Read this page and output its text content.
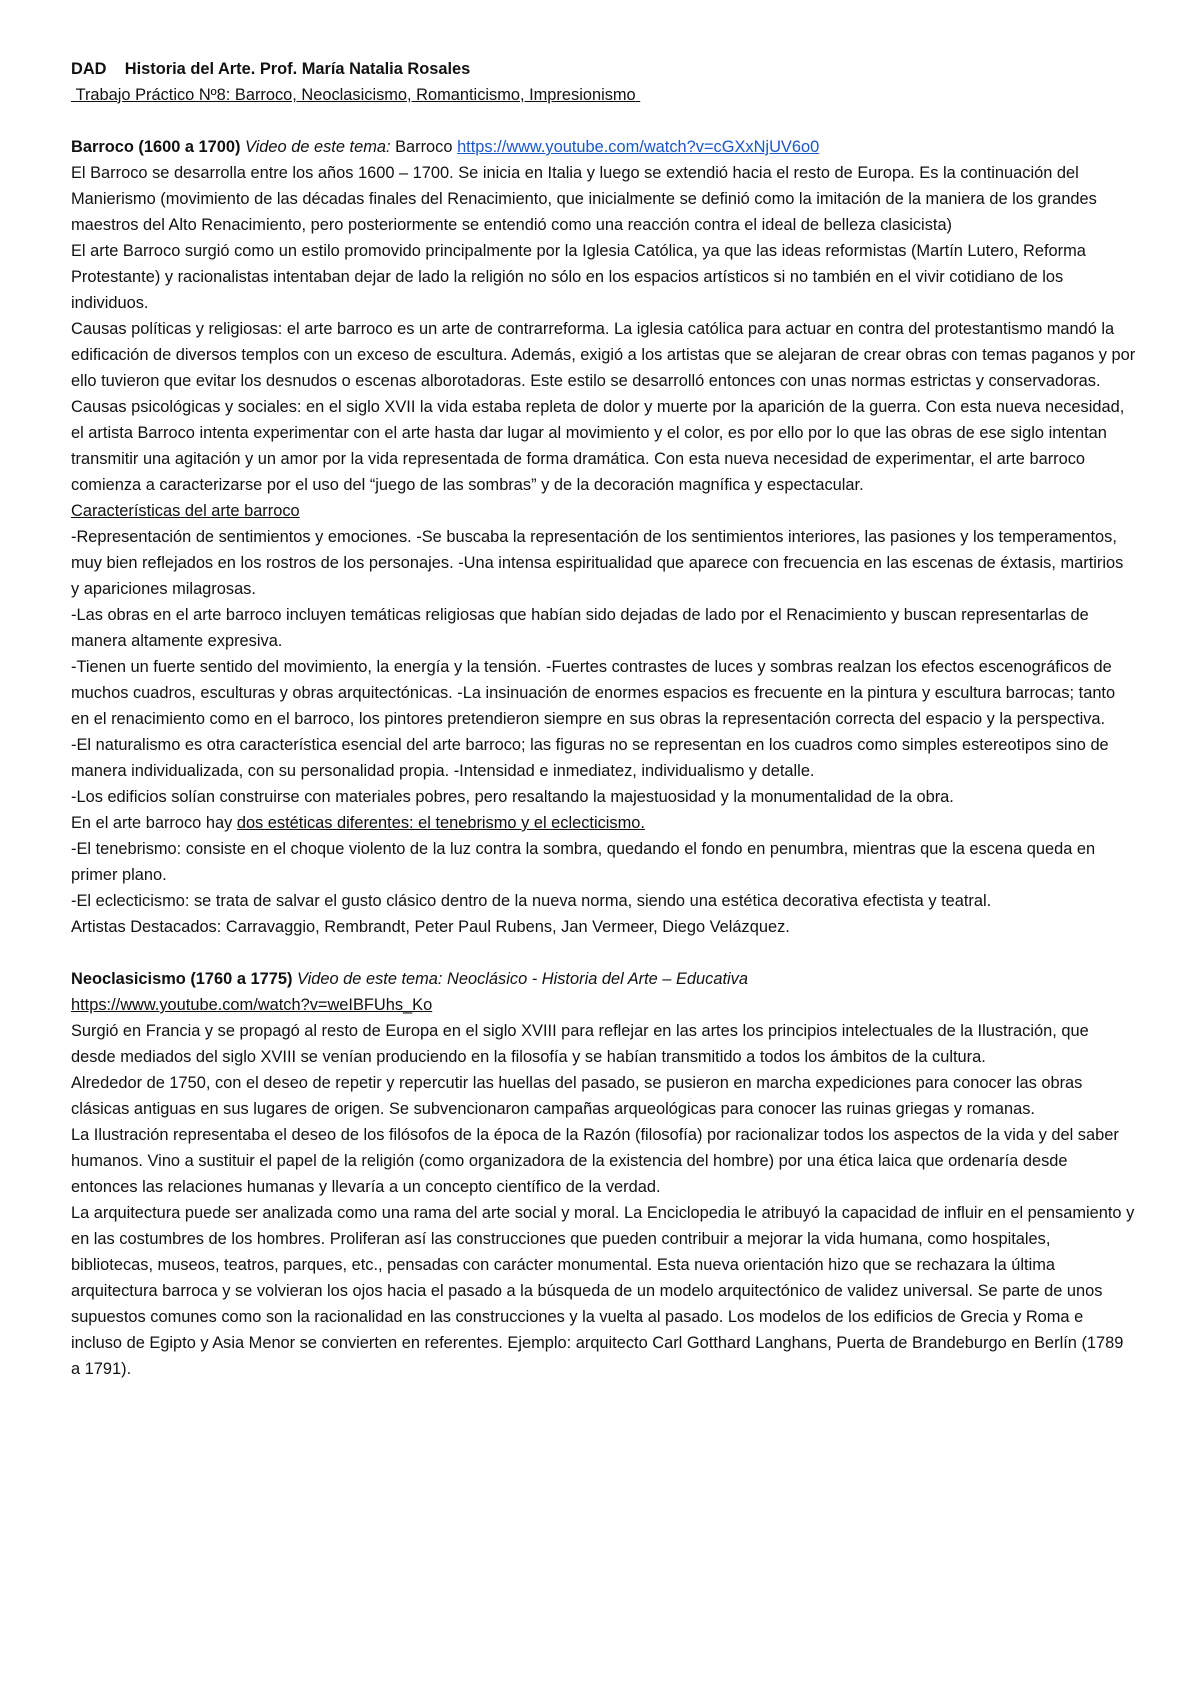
DAD Historia del Arte. Prof. María Natalia Rosales

Trabajo Práctico Nº8: Barroco, Neoclasicismo, Romanticismo, Impresionismo

Barroco (1600 a 1700) Video de este tema: Barroco https://www.youtube.com/watch?v=cGXxNjUV6o0

El Barroco se desarrolla entre los años 1600 – 1700. Se inicia en Italia y luego se extendió hacia el resto de Europa. Es la continuación del Manierismo (movimiento de las décadas finales del Renacimiento, que inicialmente se definió como la imitación de la maniera de los grandes maestros del Alto Renacimiento, pero posteriormente se entendió como una reacción contra el ideal de belleza clasicista)

El arte Barroco surgió como un estilo promovido principalmente por la Iglesia Católica, ya que las ideas reformistas (Martín Lutero, Reforma Protestante) y racionalistas intentaban dejar de lado la religión no sólo en los espacios artísticos si no también en el vivir cotidiano de los individuos.

Causas políticas y religiosas: el arte barroco es un arte de contrarreforma. La iglesia católica para actuar en contra del protestantismo mandó la edificación de diversos templos con un exceso de escultura. Además, exigió a los artistas que se alejaran de crear obras con temas paganos y por ello tuvieron que evitar los desnudos o escenas alborotadoras. Este estilo se desarrolló entonces con unas normas estrictas y conservadoras.

Causas psicológicas y sociales: en el siglo XVII la vida estaba repleta de dolor y muerte por la aparición de la guerra. Con esta nueva necesidad, el artista Barroco intenta experimentar con el arte hasta dar lugar al movimiento y el color, es por ello por lo que las obras de ese siglo intentan transmitir una agitación y un amor por la vida representada de forma dramática. Con esta nueva necesidad de experimentar, el arte barroco comienza a caracterizarse por el uso del “juego de las sombras” y de la decoración magnífica y espectacular.

Características del arte barroco

-Representación de sentimientos y emociones. -Se buscaba la representación de los sentimientos interiores, las pasiones y los temperamentos, muy bien reflejados en los rostros de los personajes. -Una intensa espiritualidad que aparece con frecuencia en las escenas de éxtasis, martirios y apariciones milagrosas.

-Las obras en el arte barroco incluyen temáticas religiosas que habían sido dejadas de lado por el Renacimiento y buscan representarlas de manera altamente expresiva.

-Tienen un fuerte sentido del movimiento, la energía y la tensión. -Fuertes contrastes de luces y sombras realzan los efectos escenográficos de muchos cuadros, esculturas y obras arquitectónicas. -La insinuación de enormes espacios es frecuente en la pintura y escultura barrocas; tanto en el renacimiento como en el barroco, los pintores pretendieron siempre en sus obras la representación correcta del espacio y la perspectiva.

-El naturalismo es otra característica esencial del arte barroco; las figuras no se representan en los cuadros como simples estereotipos sino de manera individualizada, con su personalidad propia. -Intensidad e inmediatez, individualismo y detalle.

-Los edificios solían construirse con materiales pobres, pero resaltando la majestuosidad y la monumentalidad de la obra.

En el arte barroco hay dos estéticas diferentes: el tenebrismo y el eclecticismo.

-El tenebrismo: consiste en el choque violento de la luz contra la sombra, quedando el fondo en penumbra, mientras que la escena queda en primer plano.

-El eclecticismo: se trata de salvar el gusto clásico dentro de la nueva norma, siendo una estética decorativa efectista y teatral.

Artistas Destacados: Carravaggio, Rembrandt, Peter Paul Rubens, Jan Vermeer, Diego Velázquez.

Neoclasicismo (1760 a 1775) Video de este tema: Neoclásico - Historia del Arte – Educativa

https://www.youtube.com/watch?v=weIBFUhs_Ko

Surgió en Francia y se propagó al resto de Europa en el siglo XVIII para reflejar en las artes los principios intelectuales de la Ilustración, que desde mediados del siglo XVIII se venían produciendo en la filosofía y se habían transmitido a todos los ámbitos de la cultura.

Alrededor de 1750, con el deseo de repetir y repercutir las huellas del pasado, se pusieron en marcha expediciones para conocer las obras clásicas antiguas en sus lugares de origen. Se subvencionaron campañas arqueológicas para conocer las ruinas griegas y romanas.

La Ilustración representaba el deseo de los filósofos de la época de la Razón (filosofía) por racionalizar todos los aspectos de la vida y del saber humanos. Vino a sustituir el papel de la religión (como organizadora de la existencia del hombre) por una ética laica que ordenaría desde entonces las relaciones humanas y llevaría a un concepto científico de la verdad.

La arquitectura puede ser analizada como una rama del arte social y moral. La Enciclopedia le atribuyó la capacidad de influir en el pensamiento y en las costumbres de los hombres. Proliferan así las construcciones que pueden contribuir a mejorar la vida humana, como hospitales, bibliotecas, museos, teatros, parques, etc., pensadas con carácter monumental. Esta nueva orientación hizo que se rechazara la última arquitectura barroca y se volvieran los ojos hacia el pasado a la búsqueda de un modelo arquitectónico de validez universal. Se parte de unos supuestos comunes como son la racionalidad en las construcciones y la vuelta al pasado. Los modelos de los edificios de Grecia y Roma e incluso de Egipto y Asia Menor se convierten en referentes. Ejemplo: arquitecto Carl Gotthard Langhans, Puerta de Brandeburgo en Berlín (1789 a 1791).
